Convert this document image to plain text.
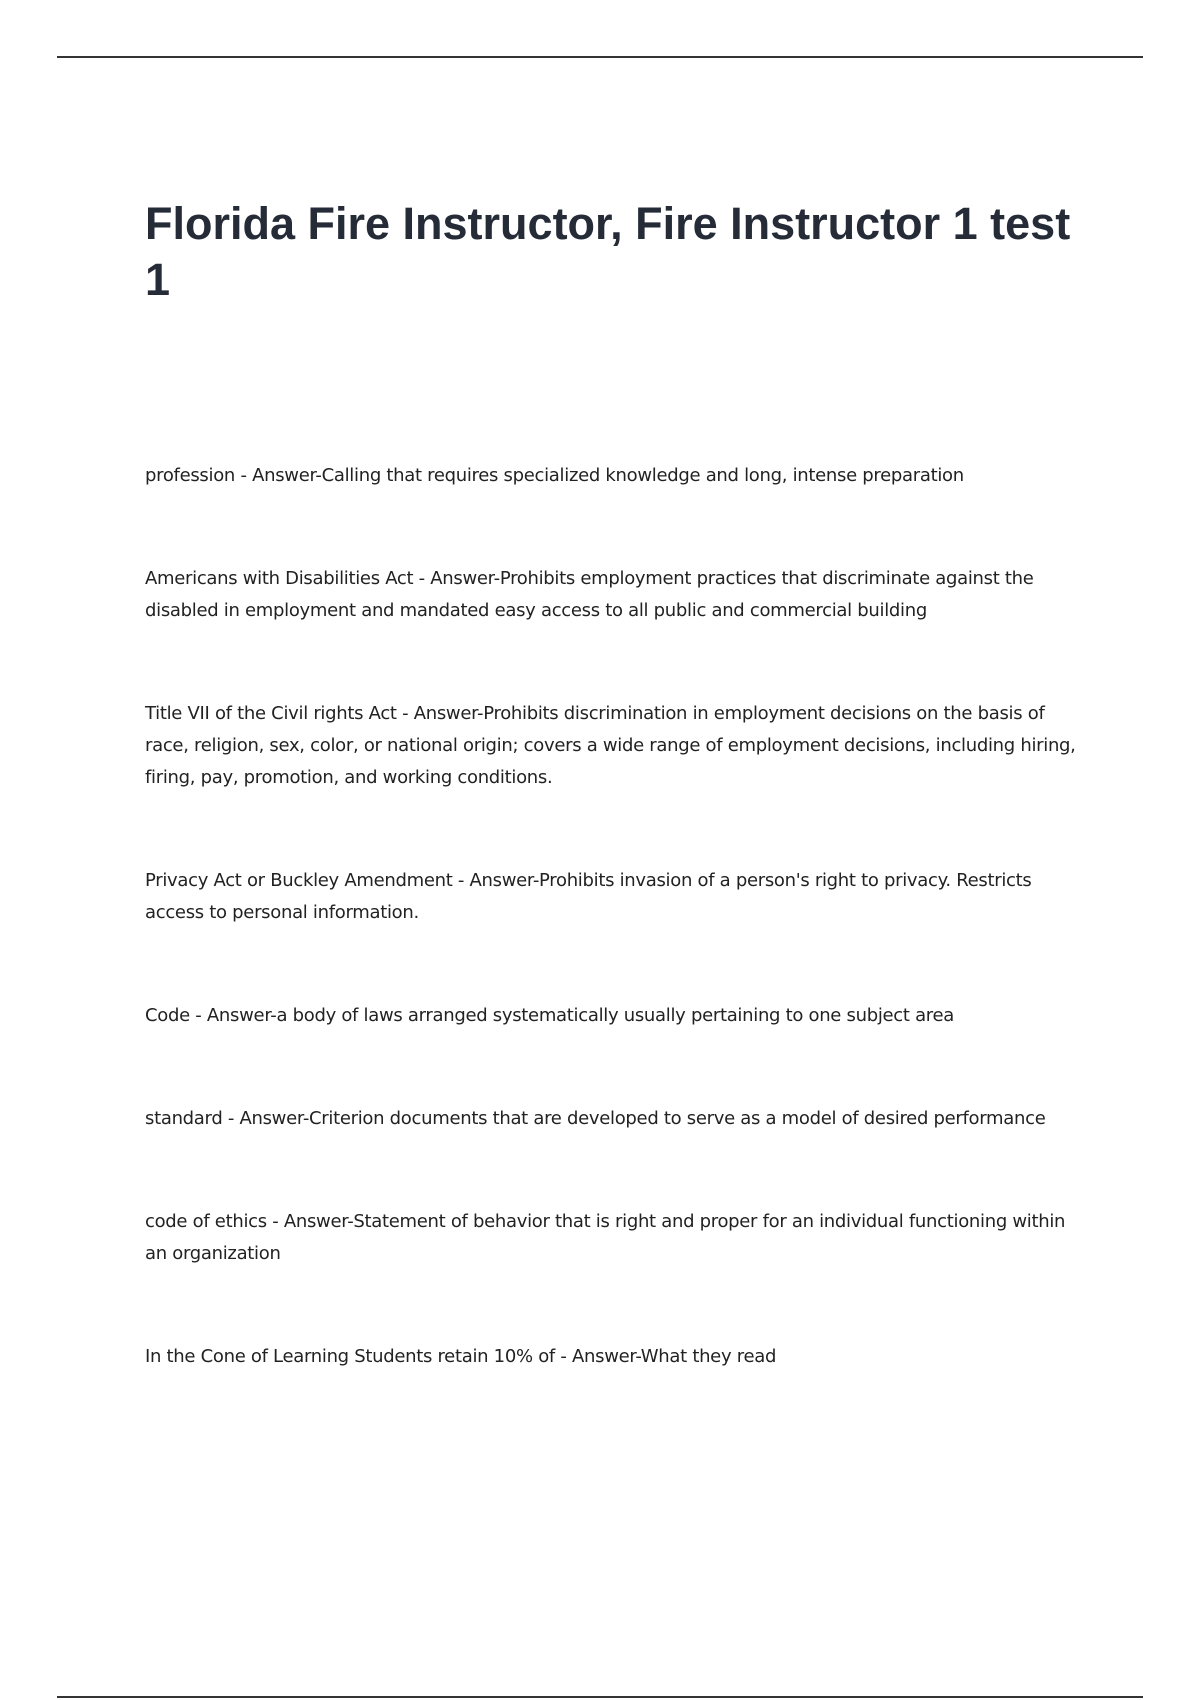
Florida Fire Instructor, Fire Instructor 1 test 1
profession - Answer-Calling that requires specialized knowledge and long, intense preparation
Americans with Disabilities Act - Answer-Prohibits employment practices that discriminate against the disabled in employment and mandated easy access to all public and commercial building
Title VII of the Civil rights Act - Answer-Prohibits discrimination in employment decisions on the basis of race, religion, sex, color, or national origin; covers a wide range of employment decisions, including hiring, firing, pay, promotion, and working conditions.
Privacy Act or Buckley Amendment - Answer-Prohibits invasion of a person's right to privacy. Restricts access to personal information.
Code - Answer-a body of laws arranged systematically usually pertaining to one subject area
standard - Answer-Criterion documents that are developed to serve as a model of desired performance
code of ethics - Answer-Statement of behavior that is right and proper for an individual functioning within an organization
In the Cone of Learning Students retain 10% of - Answer-What they read
